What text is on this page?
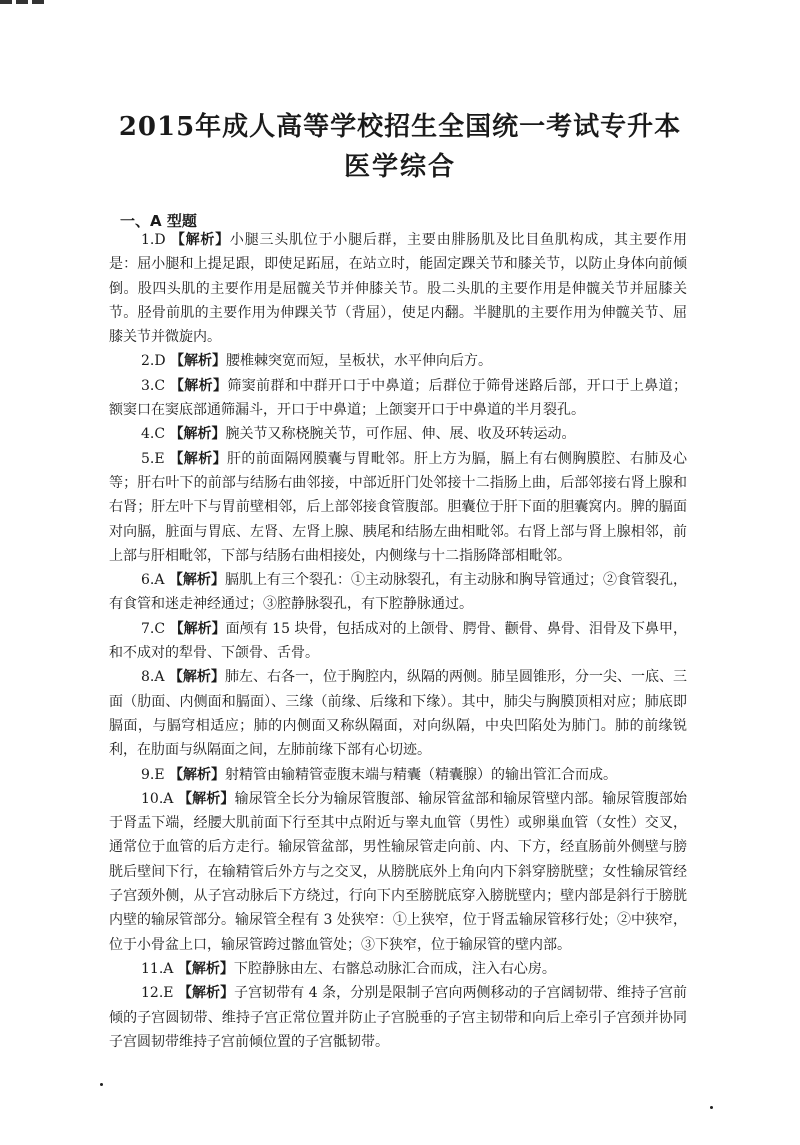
2015年成人高等学校招生全国统一考试专升本
医学综合
一、A 型题

1.D 【解析】小腿三头肌位于小腿后群，主要由腓肠肌及比目鱼肌构成，其主要作用是：屈小腿和上提足跟，即使足跖屈，在站立时，能固定踝关节和膝关节，以防止身体向前倾倒。股四头肌的主要作用是屈髋关节并伸膝关节。股二头肌的主要作用是伸髋关节并屈膝关节。胫骨前肌的主要作用为伸踝关节（背屈），使足内翻。半腱肌的主要作用为伸髋关节、屈膝关节并微旋内。

2.D 【解析】腰椎棘突宽而短，呈板状，水平伸向后方。

3.C 【解析】筛窦前群和中群开口于中鼻道；后群位于筛骨迷路后部，开口于上鼻道；额窦口在窦底部通筛漏斗，开口于中鼻道；上颌窦开口于中鼻道的半月裂孔。

4.C 【解析】腕关节又称桡腕关节，可作屈、伸、展、收及环转运动。

5.E 【解析】肝的前面隔网膜囊与胃毗邻。肝上方为膈，膈上有右侧胸膜腔、右肺及心等；肝右叶下的前部与结肠右曲邻接，中部近肝门处邻接十二指肠上曲，后部邻接右肾上腺和右肾；肝左叶下与胃前壁相邻，后上部邻接食管腹部。胆囊位于肝下面的胆囊窝内。脾的膈面对向膈，脏面与胃底、左肾、左肾上腺、胰尾和结肠左曲相毗邻。右肾上部与肾上腺相邻，前上部与肝相毗邻，下部与结肠右曲相接处，内侧缘与十二指肠降部相毗邻。

6.A 【解析】膈肌上有三个裂孔：①主动脉裂孔，有主动脉和胸导管通过；②食管裂孔，有食管和迷走神经通过；③腔静脉裂孔，有下腔静脉通过。

7.C 【解析】面颅有 15 块骨，包括成对的上颌骨、腭骨、颧骨、鼻骨、泪骨及下鼻甲，和不成对的犁骨、下颌骨、舌骨。

8.A 【解析】肺左、右各一，位于胸腔内，纵隔的两侧。肺呈圆锥形，分一尖、一底、三面（肋面、内侧面和膈面）、三缘（前缘、后缘和下缘）。其中，肺尖与胸膜顶相对应；肺底即膈面，与膈穹相适应；肺的内侧面又称纵隔面，对向纵隔，中央凹陷处为肺门。肺的前缘锐利，在肋面与纵隔面之间，左肺前缘下部有心切迹。

9.E 【解析】射精管由输精管壶腹末端与精囊（精囊腺）的输出管汇合而成。

10.A 【解析】输尿管全长分为输尿管腹部、输尿管盆部和输尿管壁内部。输尿管腹部始于肾盂下端，经腰大肌前面下行至其中点附近与睾丸血管（男性）或卵巢血管（女性）交叉，通常位于血管的后方走行。输尿管盆部，男性输尿管走向前、内、下方，经直肠前外侧壁与膀胱后壁间下行，在输精管后外方与之交叉，从膀胱底外上角向内下斜穿膀胱壁；女性输尿管经子宫颈外侧，从子宫动脉后下方绕过，行向下内至膀胱底穿入膀胱壁内；壁内部是斜行于膀胱内壁的输尿管部分。输尿管全程有 3 处狭窄：①上狭窄，位于肾盂输尿管移行处；②中狭窄，位于小骨盆上口，输尿管跨过髂血管处；③下狭窄，位于输尿管的壁内部。

11.A 【解析】下腔静脉由左、右髂总动脉汇合而成，注入右心房。

12.E 【解析】子宫韧带有 4 条，分别是限制子宫向两侧移动的子宫阔韧带、维持子宫前倾的子宫圆韧带、维持子宫正常位置并防止子宫脱垂的子宫主韧带和向后上牵引子宫颈并协同子宫圆韧带维持子宫前倾位置的子宫骶韧带。
